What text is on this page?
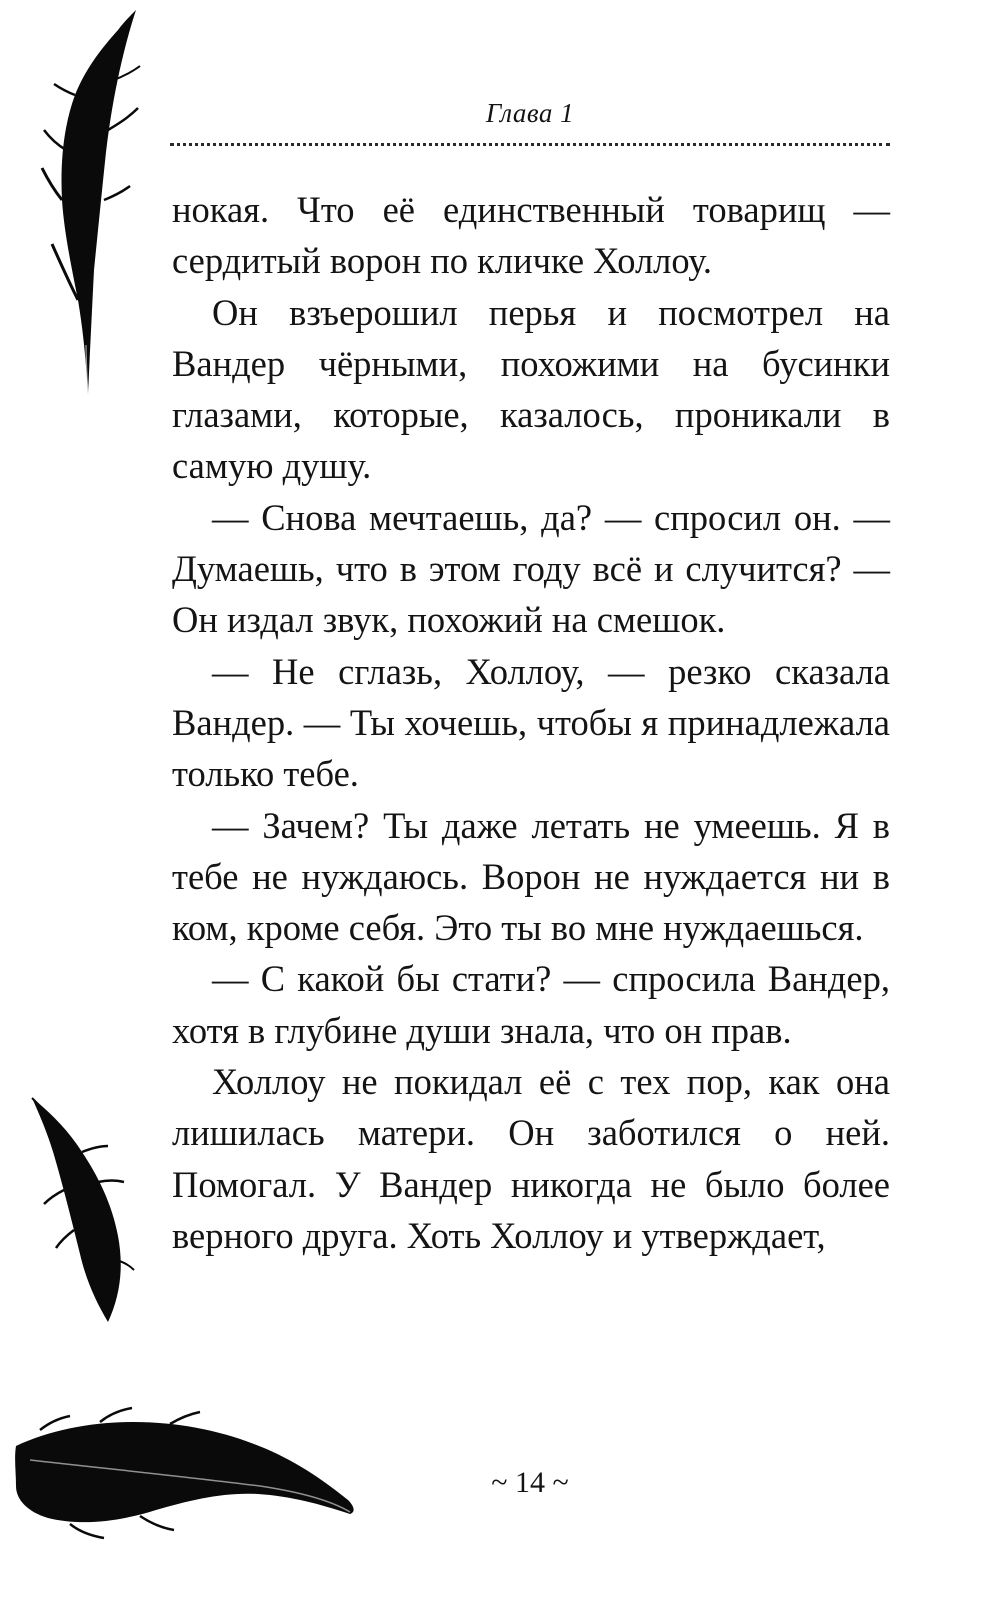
Глава 1

нокая. Что её единственный товарищ — сердитый ворон по кличке Холлоу.

Он взъерошил перья и посмотрел на Вандер чёрными, похожими на бусинки глазами, которые, казалось, проникали в самую душу.

— Снова мечтаешь, да? — спросил он. — Думаешь, что в этом году всё и случится? — Он издал звук, похожий на смешок.

— Не сглазь, Холлоу, — резко сказала Вандер. — Ты хочешь, чтобы я принадлежала только тебе.

— Зачем? Ты даже летать не умеешь. Я в тебе не нуждаюсь. Ворон не нуждается ни в ком, кроме себя. Это ты во мне нуждаешься.

— С какой бы стати? — спросила Вандер, хотя в глубине души знала, что он прав.

Холлоу не покидал её с тех пор, как она лишилась матери. Он заботился о ней. Помогал. У Вандер никогда не было более верного друга. Хоть Холлоу и утверждает,

~ 14 ~
